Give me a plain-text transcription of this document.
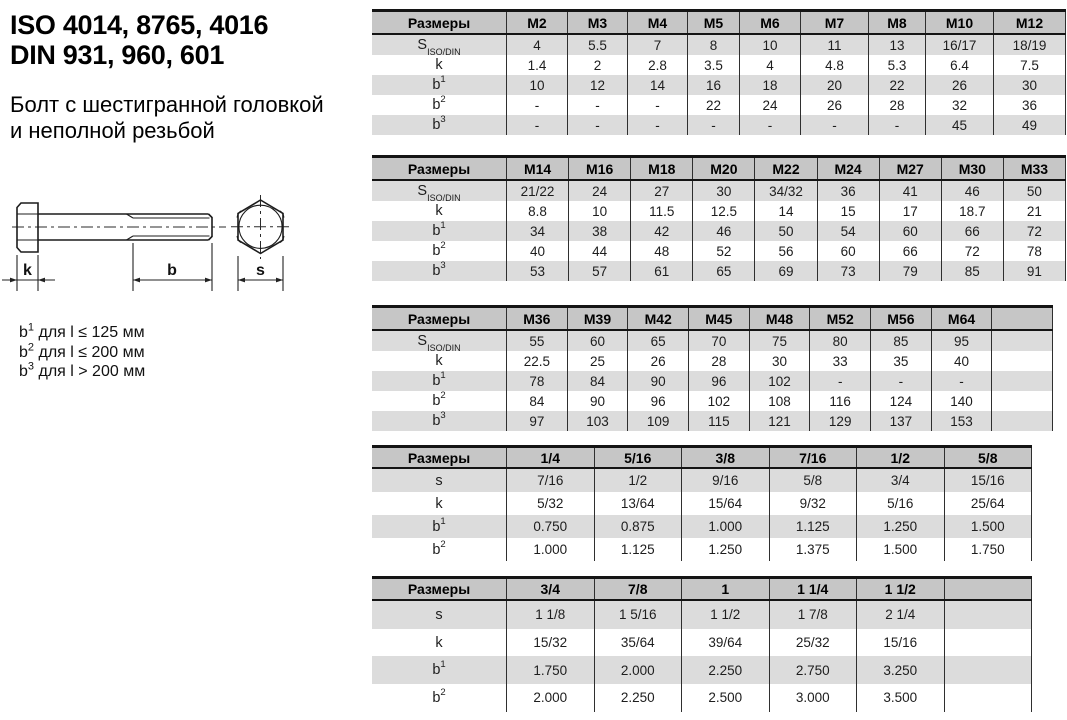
ISO 4014, 8765, 4016
DIN 931, 960, 601
Болт с шестигранной головкой
и неполной резьбой
k	b	s
$b^1$ для l ≤ 125 мм
$b^2$ для l ≤ 200 мм
$b^3$ для l > 200 мм
Размеры	M2	M3	M4	M5	M6	M7	M8	M10	M12
$S_{ISO/DIN}$	4	5.5	7	8	10	11	13	16/17	18/19
k	1.4	2	2.8	3.5	4	4.8	5.3	6.4	7.5
$b^1$	10	12	14	16	18	20	22	26	30
$b^2$	-	-	-	22	24	26	28	32	36
$b^3$	-	-	-	-	-	-	-	45	49
Размеры	M14	M16	M18	M20	M22	M24	M27	M30	M33
$S_{ISO/DIN}$	21/22	24	27	30	34/32	36	41	46	50
k	8.8	10	11.5	12.5	14	15	17	18.7	21
$b^1$	34	38	42	46	50	54	60	66	72
$b^2$	40	44	48	52	56	60	66	72	78
$b^3$	53	57	61	65	69	73	79	85	91
Размеры	M36	M39	M42	M45	M48	M52	M56	M64
$S_{ISO/DIN}$	55	60	65	70	75	80	85	95
k	22.5	25	26	28	30	33	35	40
$b^1$	78	84	90	96	102	-	-	-
$b^2$	84	90	96	102	108	116	124	140
$b^3$	97	103	109	115	121	129	137	153
Размеры	1/4	5/16	3/8	7/16	1/2	5/8
s	7/16	1/2	9/16	5/8	3/4	15/16
k	5/32	13/64	15/64	9/32	5/16	25/64
$b^1$	0.750	0.875	1.000	1.125	1.250	1.500
$b^2$	1.000	1.125	1.250	1.375	1.500	1.750
Размеры	3/4	7/8	1	1 1/4	1 1/2
s	1 1/8	1 5/16	1 1/2	1 7/8	2 1/4
k	15/32	35/64	39/64	25/32	15/16
$b^1$	1.750	2.000	2.250	2.750	3.250
$b^2$	2.000	2.250	2.500	3.000	3.500
